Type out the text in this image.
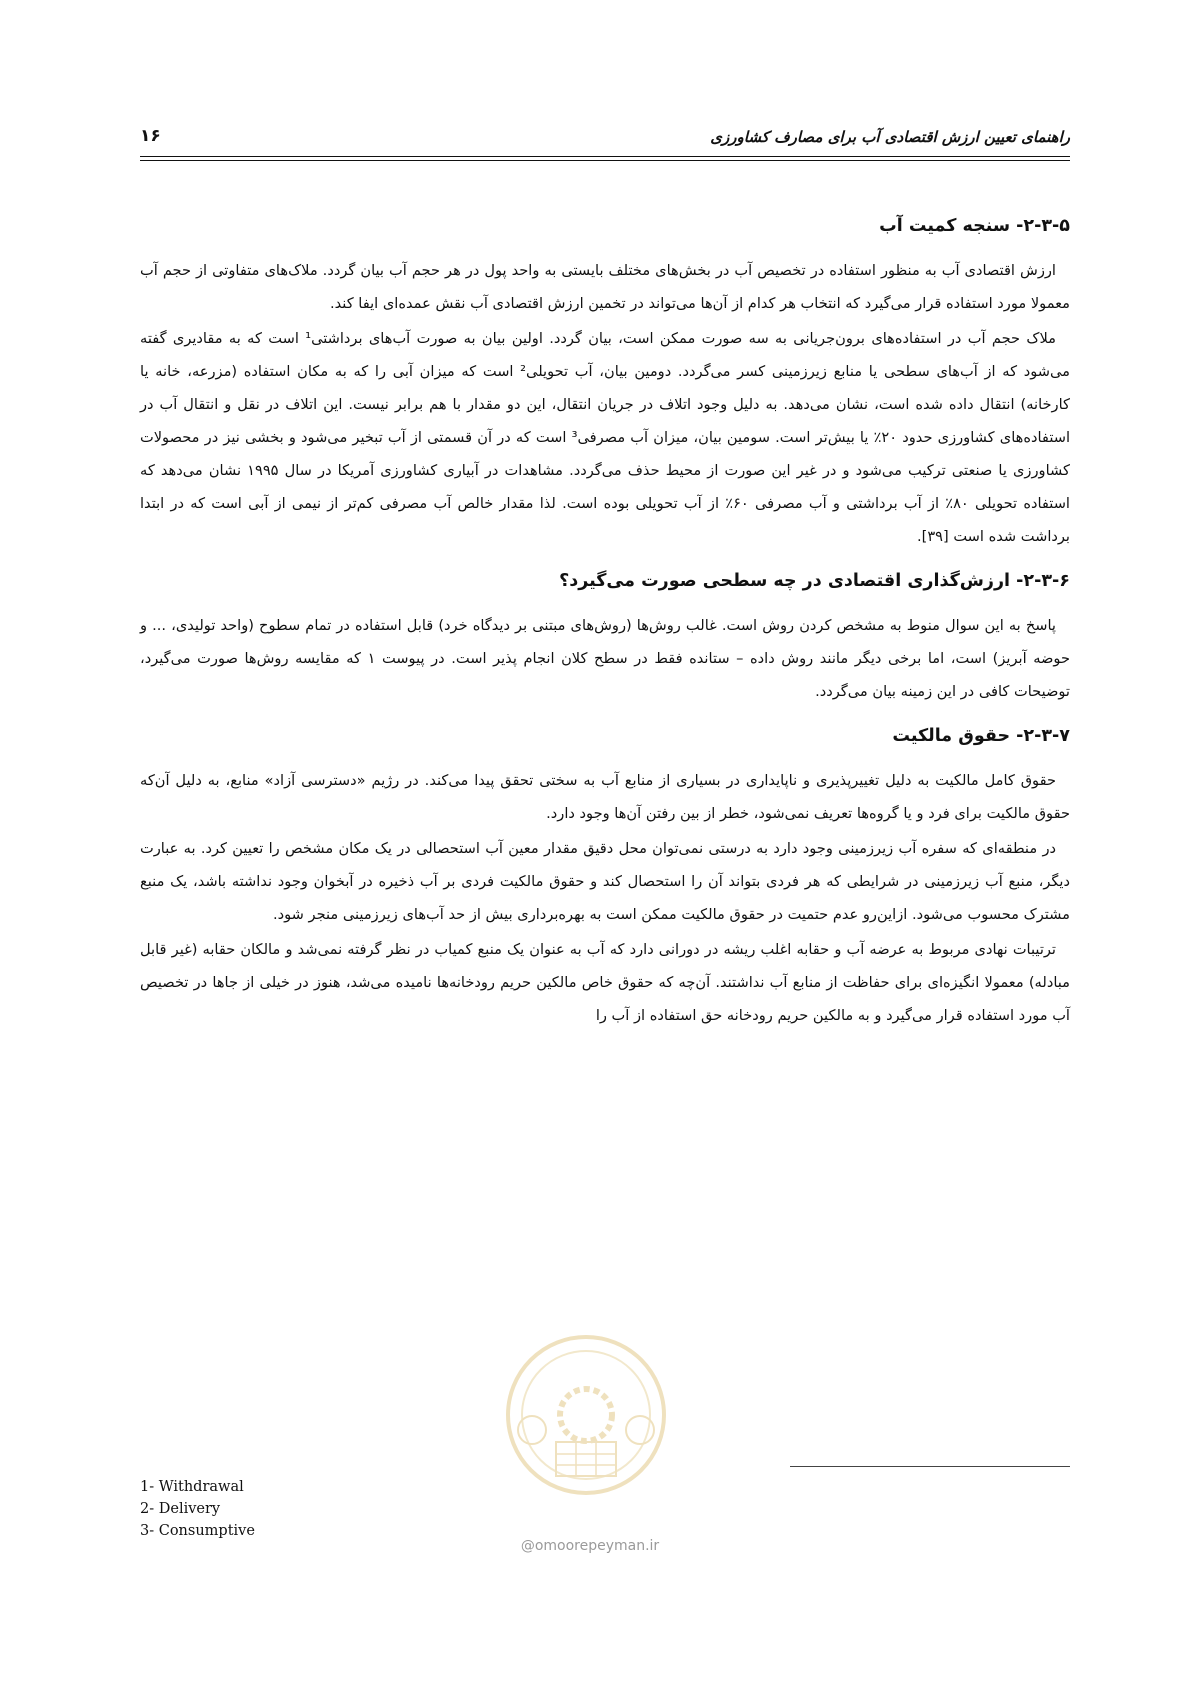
راهنمای تعیین ارزش اقتصادی آب برای مصارف کشاورزی
۱۶
۲-۳-۵- سنجه کمیت آب

ارزش اقتصادی آب به منظور استفاده در تخصیص آب در بخش‌های مختلف بایستی به واحد پول در هر حجم آب بیان گردد. ملاک‌های متفاوتی از حجم آب معمولا مورد استفاده قرار می‌گیرد که انتخاب هر کدام از آن‌ها می‌تواند در تخمین ارزش اقتصادی آب نقش عمده‌ای ایفا کند.

ملاک حجم آب در استفاده‌های برون‌جریانی به سه صورت ممکن است، بیان گردد. اولین بیان به صورت آب‌های برداشتی¹ است که به مقادیری گفته می‌شود که از آب‌های سطحی یا منابع زیرزمینی کسر می‌گردد. دومین بیان، آب تحویلی² است که میزان آبی را که به مکان استفاده (مزرعه، خانه یا کارخانه) انتقال داده شده است، نشان می‌دهد. به دلیل وجود اتلاف در جریان انتقال، این دو مقدار با هم برابر نیست. این اتلاف در نقل و انتقال آب در استفاده‌های کشاورزی حدود ۲۰٪ یا بیش‌تر است. سومین بیان، میزان آب مصرفی³ است که در آن قسمتی از آب تبخیر می‌شود و بخشی نیز در محصولات کشاورزی یا صنعتی ترکیب می‌شود و در غیر این صورت از محیط حذف می‌گردد. مشاهدات در آبیاری کشاورزی آمریکا در سال ۱۹۹۵ نشان می‌دهد که استفاده تحویلی ۸۰٪ از آب برداشتی و آب مصرفی ۶۰٪ از آب تحویلی بوده است. لذا مقدار خالص آب مصرفی کم‌تر از نیمی از آبی است که در ابتدا برداشت شده است [۳۹].

۲-۳-۶- ارزش‌گذاری اقتصادی در چه سطحی صورت می‌گیرد؟

پاسخ به این سوال منوط به مشخص کردن روش است. غالب روش‌ها (روش‌های مبتنی بر دیدگاه خرد) قابل استفاده در تمام سطوح (واحد تولیدی، ... و حوضه آبریز) است، اما برخی دیگر مانند روش داده – ستانده فقط در سطح کلان انجام پذیر است. در پیوست ۱ که مقایسه روش‌ها صورت می‌گیرد، توضیحات کافی در این زمینه بیان می‌گردد.

۲-۳-۷- حقوق مالکیت

حقوق کامل مالکیت به دلیل تغییرپذیری و ناپایداری در بسیاری از منابع آب به سختی تحقق پیدا می‌کند. در رژیم «دسترسی آزاد» منابع، به دلیل آن‌که حقوق مالکیت برای فرد و یا گروه‌ها تعریف نمی‌شود، خطر از بین رفتن آن‌ها وجود دارد.

در منطقه‌ای که سفره آب زیرزمینی وجود دارد به درستی نمی‌توان محل دقیق مقدار معین آب استحصالی در یک مکان مشخص را تعیین کرد. به عبارت دیگر، منبع آب زیرزمینی در شرایطی که هر فردی بتواند آن را استحصال کند و حقوق مالکیت فردی بر آب ذخیره در آبخوان وجود نداشته باشد، یک منبع مشترک محسوب می‌شود. ازاین‌رو عدم حتمیت در حقوق مالکیت ممکن است به بهره‌برداری بیش از حد آب‌های زیرزمینی منجر شود.

ترتیبات نهادی مربوط به عرضه آب و حقابه اغلب ریشه در دورانی دارد که آب به عنوان یک منبع کمیاب در نظر گرفته نمی‌شد و مالکان حقابه (غیر قابل مبادله) معمولا انگیزه‌ای برای حفاظت از منابع آب نداشتند. آن‌چه که حقوق خاص مالکین حریم رودخانه‌ها نامیده می‌شد، هنوز در خیلی از جاها در تخصیص آب مورد استفاده قرار می‌گیرد و به مالکین حریم رودخانه حق استفاده از آب را

1- Withdrawal
2- Delivery
3- Consumptive
@omoorepeyman.ir
